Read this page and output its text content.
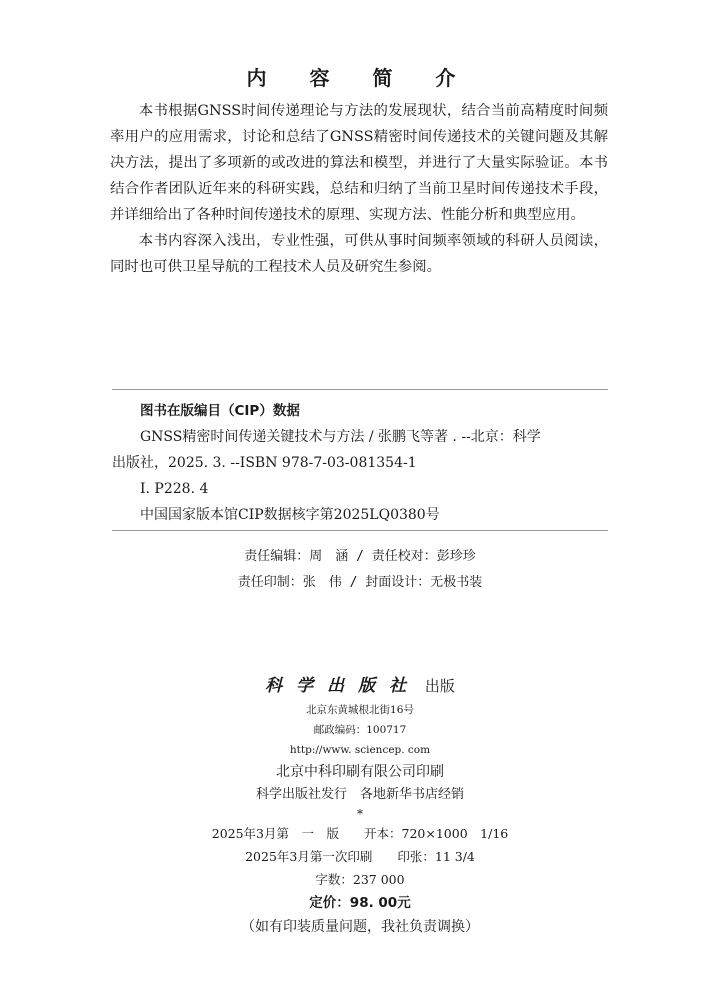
内 容 简 介

本书根据GNSS时间传递理论与方法的发展现状，结合当前高精度时间频率用户的应用需求，讨论和总结了GNSS精密时间传递技术的关键问题及其解决方法，提出了多项新的或改进的算法和模型，并进行了大量实际验证。本书结合作者团队近年来的科研实践，总结和归纳了当前卫星时间传递技术手段，并详细给出了各种时间传递技术的原理、实现方法、性能分析和典型应用。

本书内容深入浅出，专业性强，可供从事时间频率领域的科研人员阅读，同时也可供卫星导航的工程技术人员及研究生参阅。

图书在版编目（CIP）数据
GNSS精密时间传递关键技术与方法 / 张鹏飞等著 . --北京：科学
出版社，2025. 3. --ISBN 978-7-03-081354-1
Ⅰ. P228. 4
中国国家版本馆CIP数据核字第2025LQ0380号
责任编辑：周　涵 / 责任校对：彭珍珍
责任印制：张　伟 / 封面设计：无极书装
科学出版社 出版
北京东黄城根北街16号
邮政编码：100717
http://www. sciencep. com
北京中科印刷有限公司印刷
科学出版社发行　各地新华书店经销
*
2025年3月第　一　版　　开本：720×1000　1/16
2025年3月第一次印刷　　印张：11 3/4
字数：237 000
定价：98. 00元
（如有印装质量问题，我社负责调换）
